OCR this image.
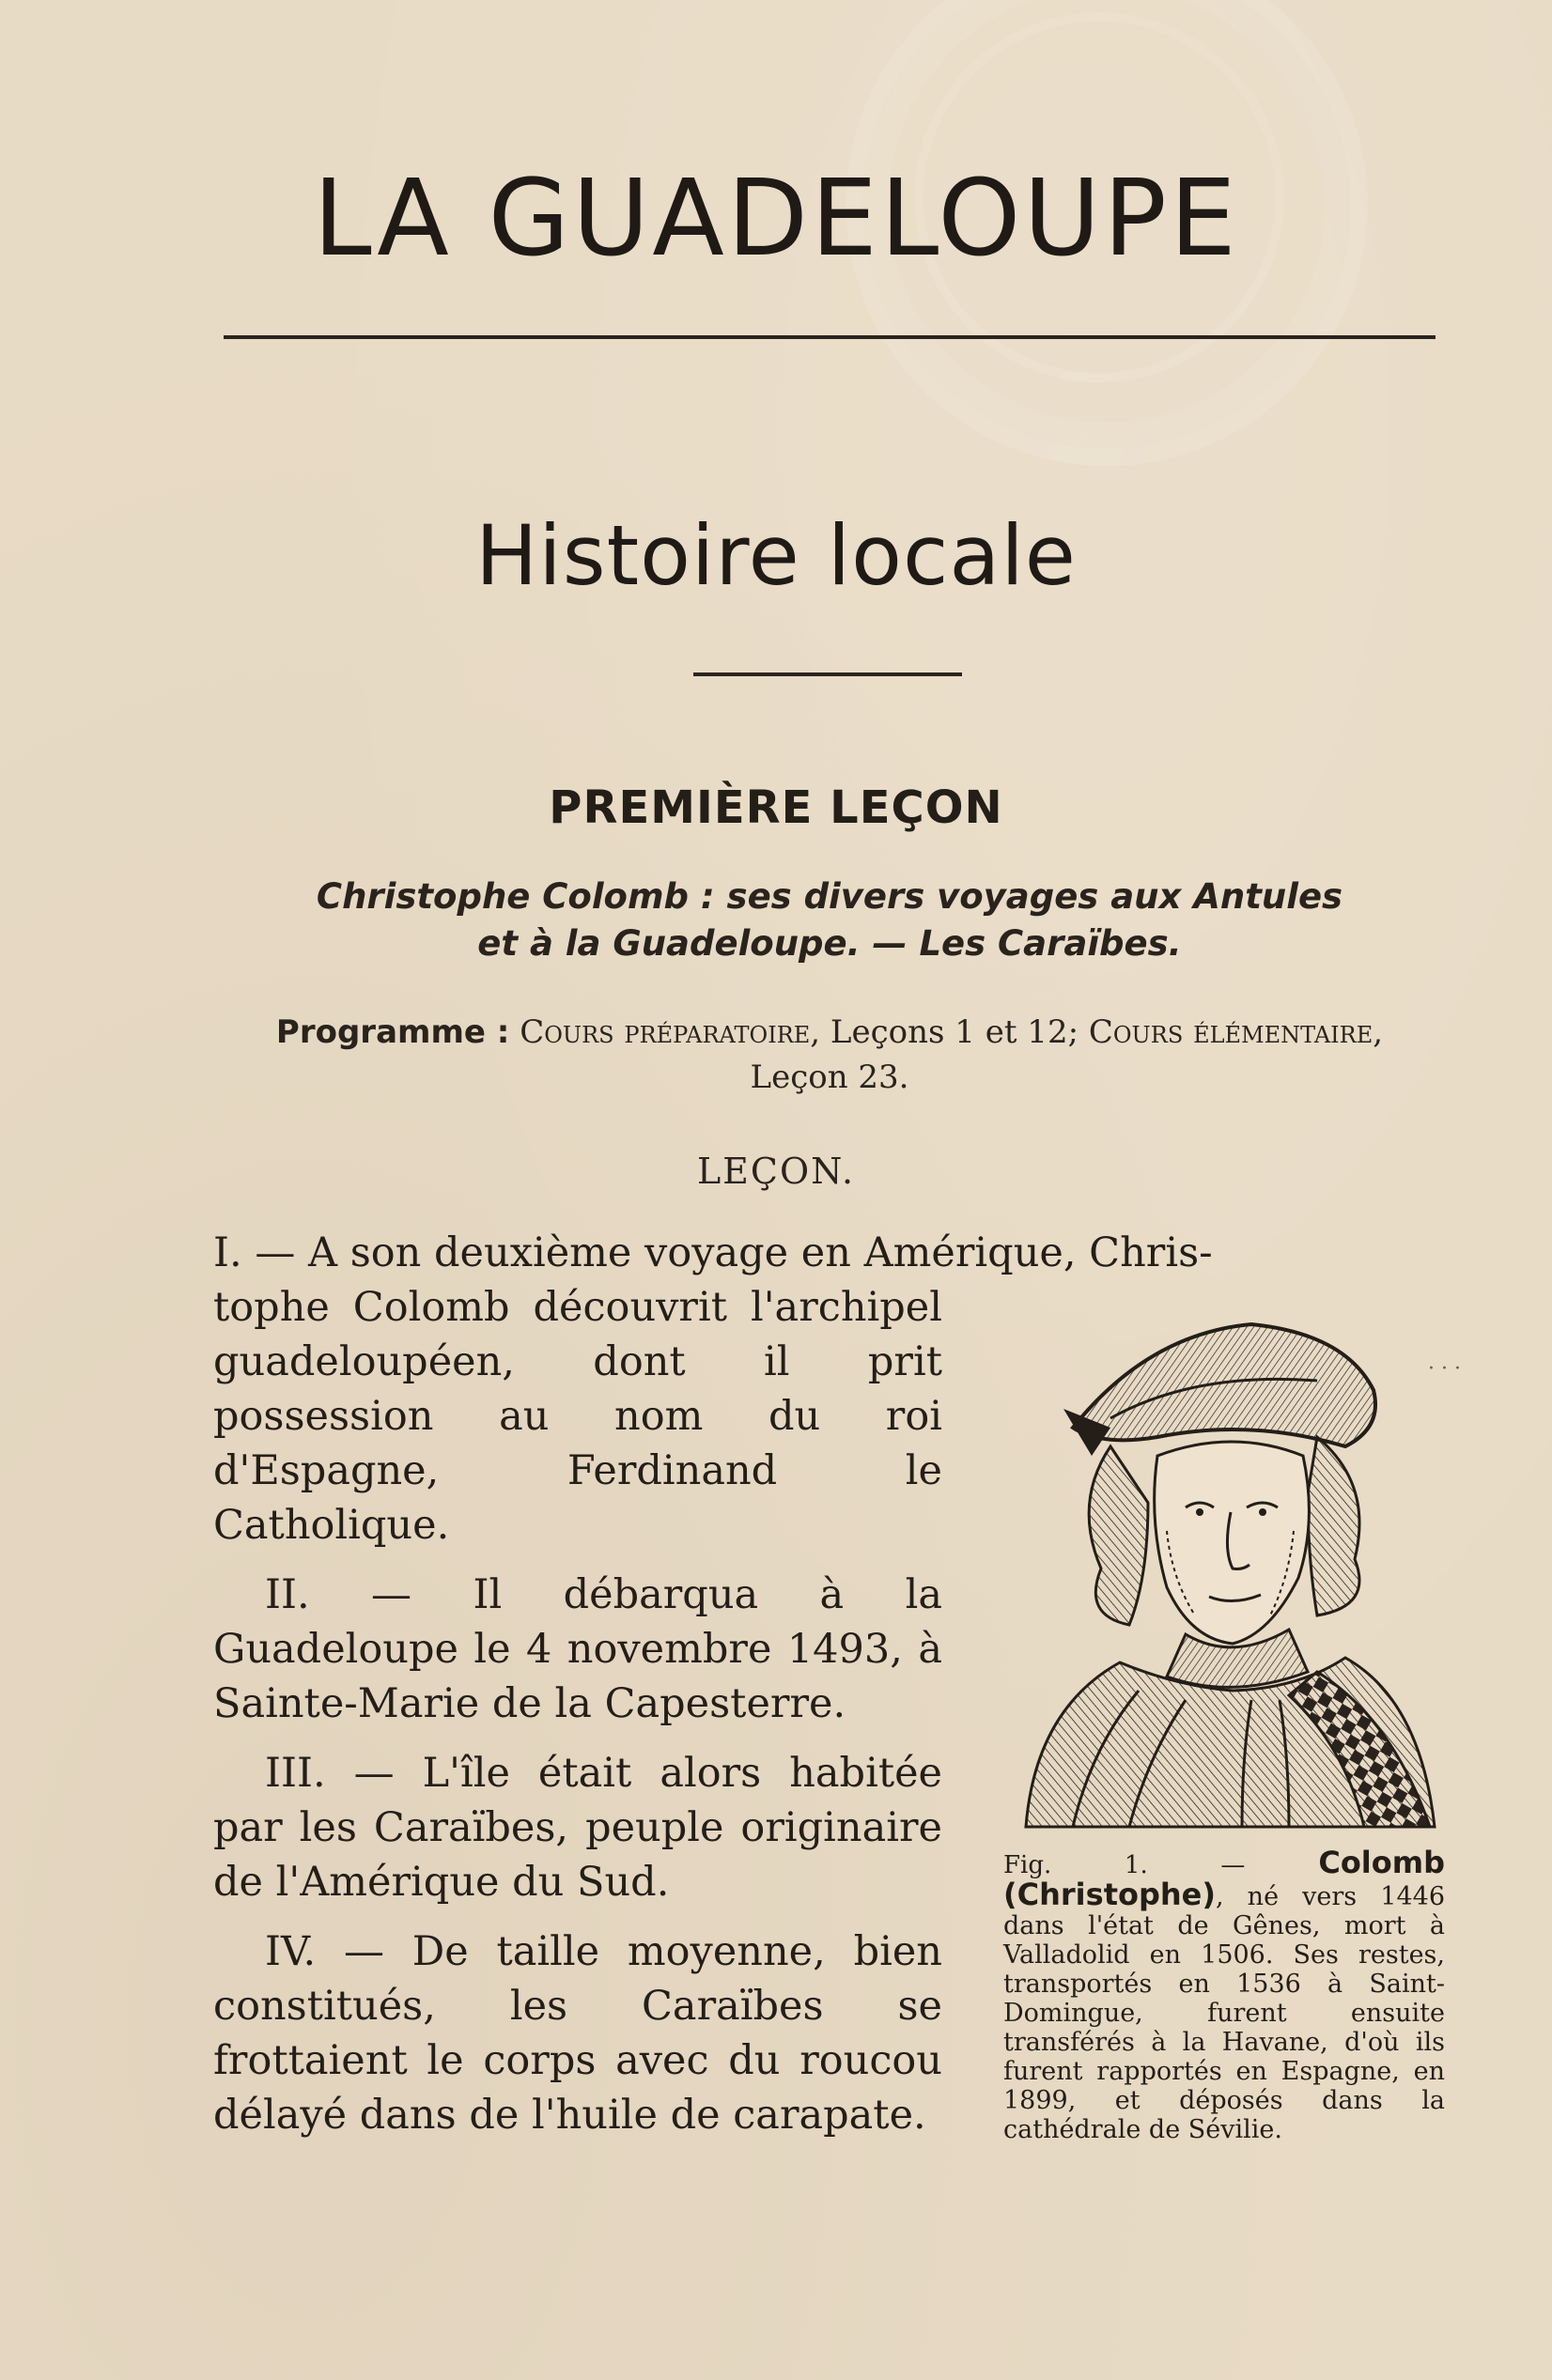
LA GUADELOUPE
Histoire locale
PREMIÈRE LEÇON
Christophe Colomb : ses divers voyages aux Antules
et à la Guadeloupe. — Les Caraïbes.
Programme : Cours préparatoire, Leçons 1 et 12; Cours élémentaire, Leçon 23.
LEÇON.

I. — A son deuxième voyage en Amérique, Chris-

tophe Colomb découvrit l'archipel guadeloupéen, dont il prit possession au nom du roi d'Espagne, Ferdinand le Catholique.

II. — Il débarqua à la Guadeloupe le 4 novembre 1493, à Sainte-Marie de la Capesterre.

III. — L'île était alors habitée par les Caraïbes, peuple originaire de l'Amérique du Sud.

IV. — De taille moyenne, bien constitués, les Caraïbes se frottaient le corps avec du roucou délayé dans de l'huile de carapate.

· · ·
Fig. 1. — Colomb (Christophe), né vers 1446 dans l'état de Gênes, mort à Valladolid en 1506. Ses restes, transportés en 1536 à Saint-Domingue, furent ensuite transférés à la Havane, d'où ils furent rapportés en Espagne, en 1899, et déposés dans la cathédrale de Sévilie.
